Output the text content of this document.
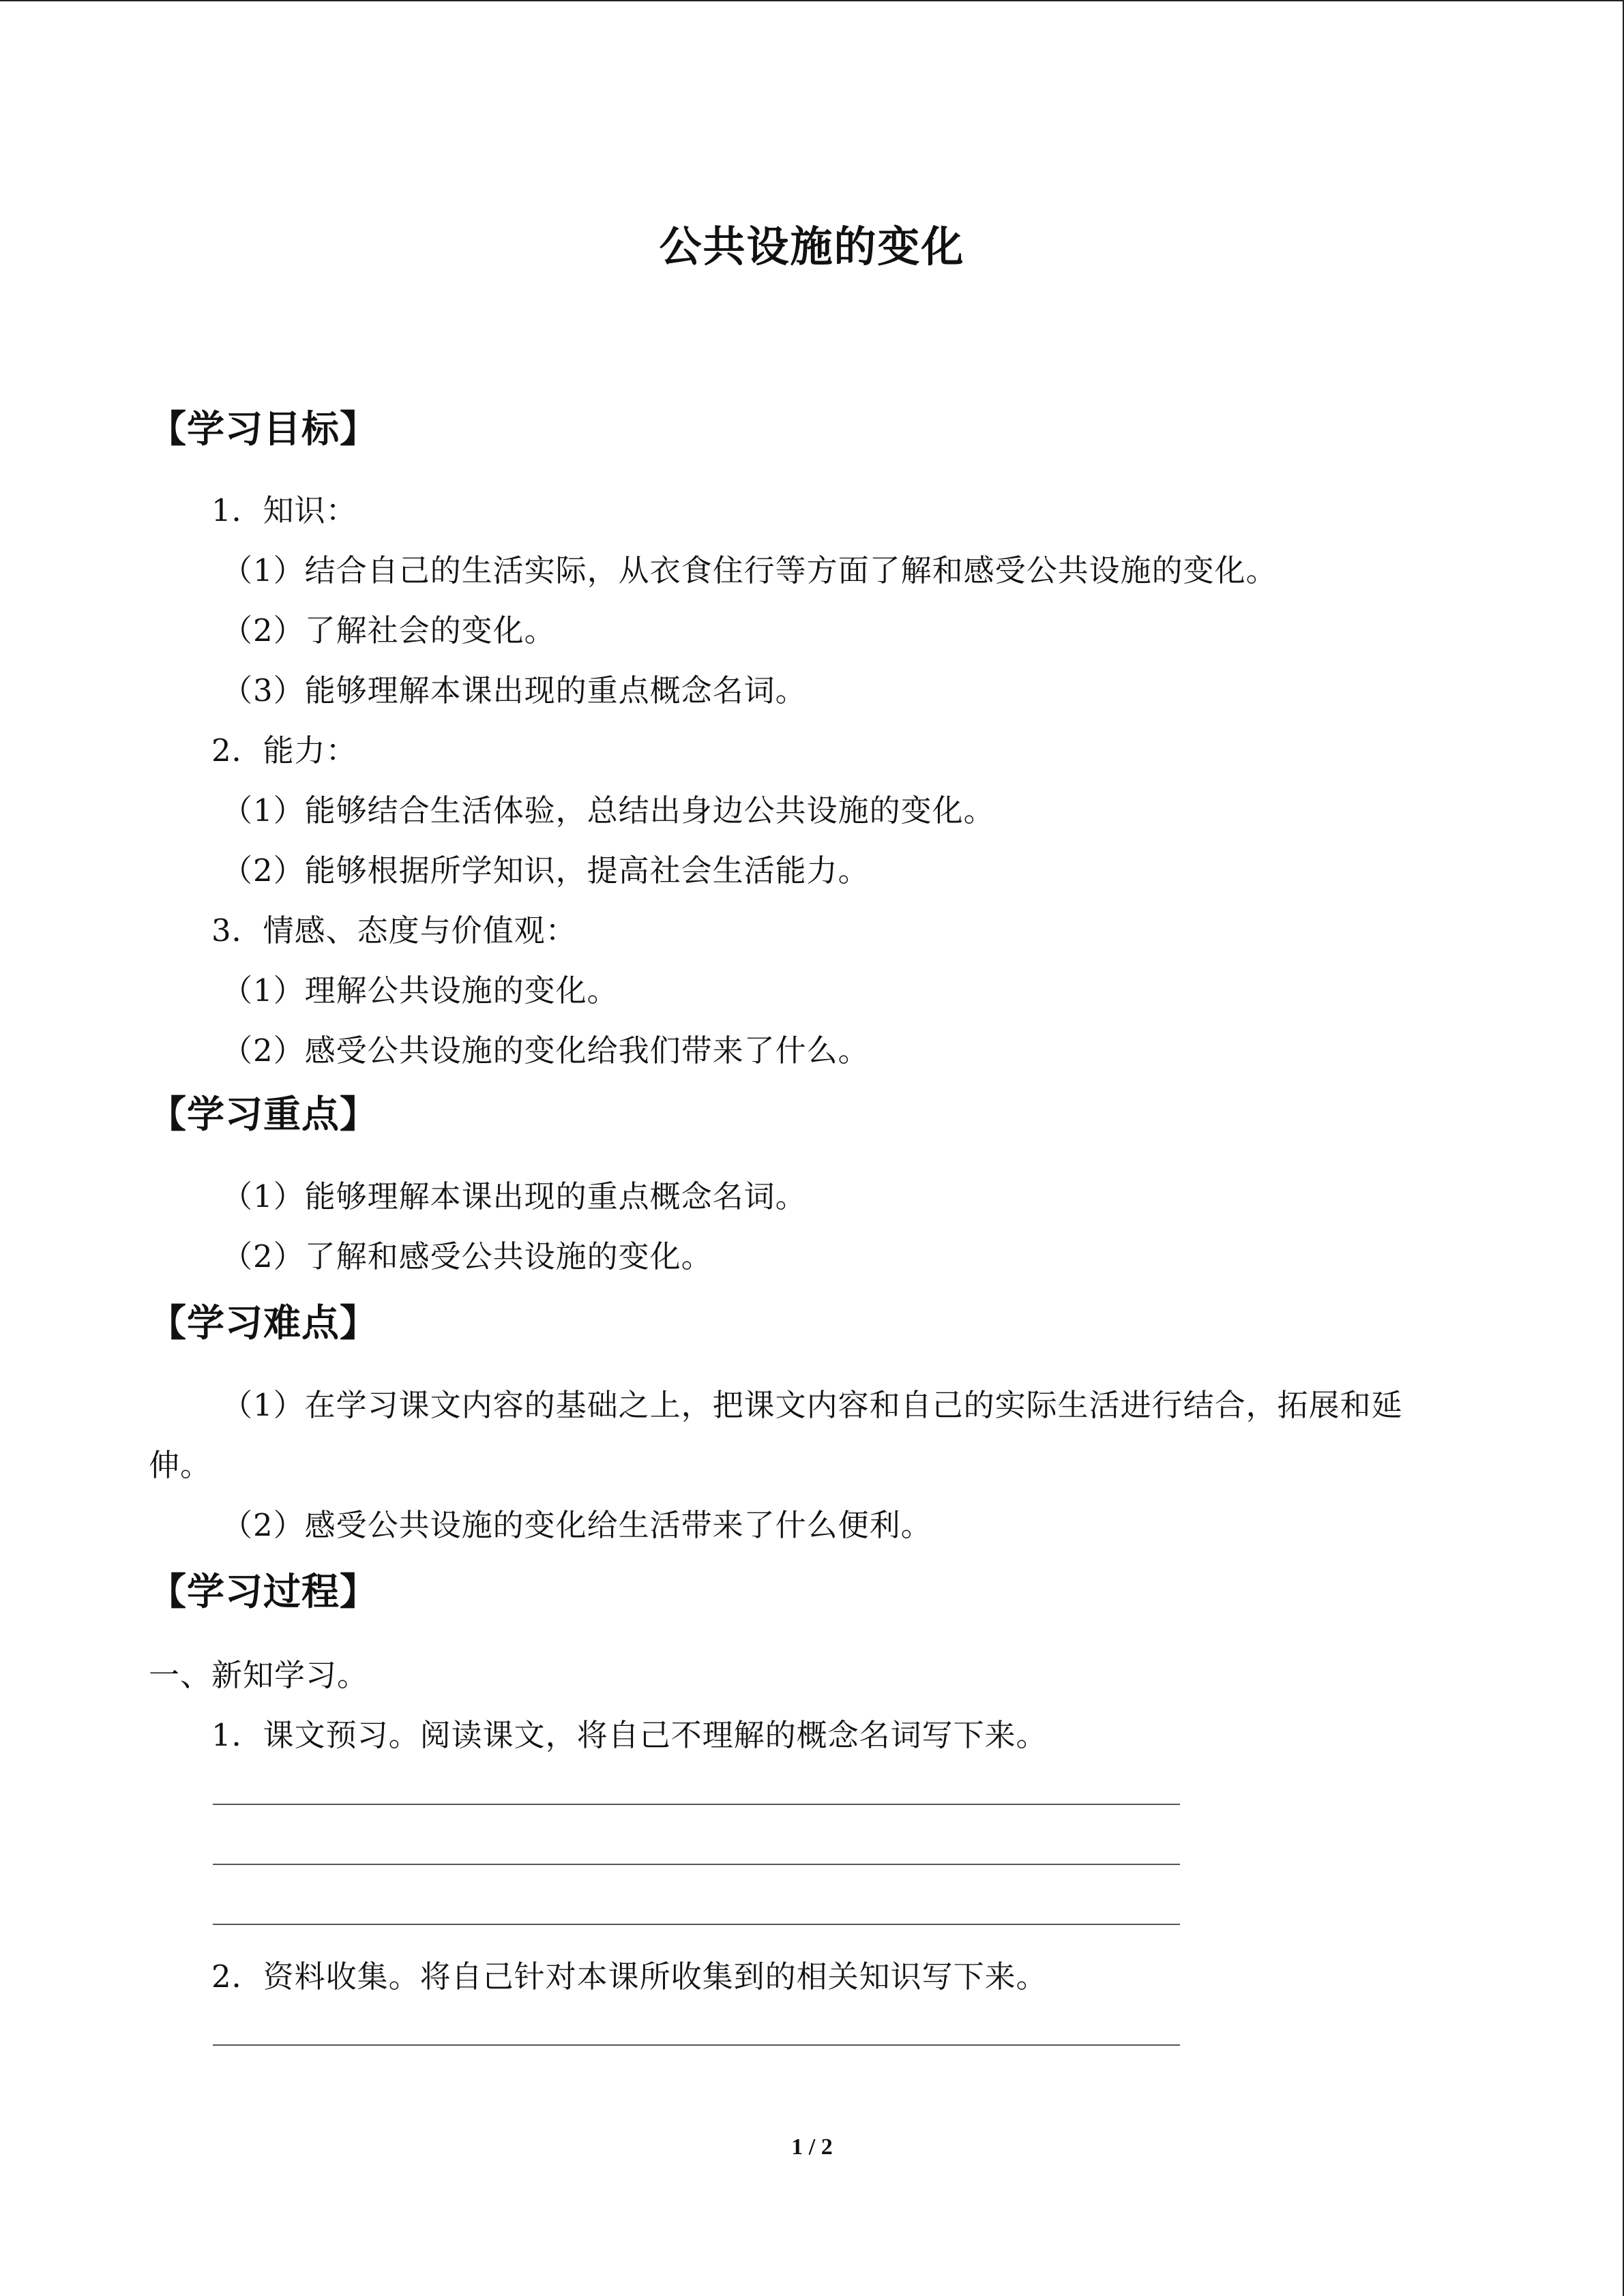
公共设施的变化
【学习目标】
1．知识：
（1）结合自己的生活实际，从衣食住行等方面了解和感受公共设施的变化。
（2）了解社会的变化。
（3）能够理解本课出现的重点概念名词。
2．能力：
（1）能够结合生活体验，总结出身边公共设施的变化。
（2）能够根据所学知识，提高社会生活能力。
3．情感、态度与价值观：
（1）理解公共设施的变化。
（2）感受公共设施的变化给我们带来了什么。
【学习重点】
（1）能够理解本课出现的重点概念名词。
（2）了解和感受公共设施的变化。
【学习难点】
（1）在学习课文内容的基础之上，把课文内容和自己的实际生活进行结合，拓展和延
伸。
（2）感受公共设施的变化给生活带来了什么便利。
【学习过程】
一、新知学习。
1．课文预习。阅读课文，将自己不理解的概念名词写下来。
2．资料收集。将自己针对本课所收集到的相关知识写下来。
1 / 2
